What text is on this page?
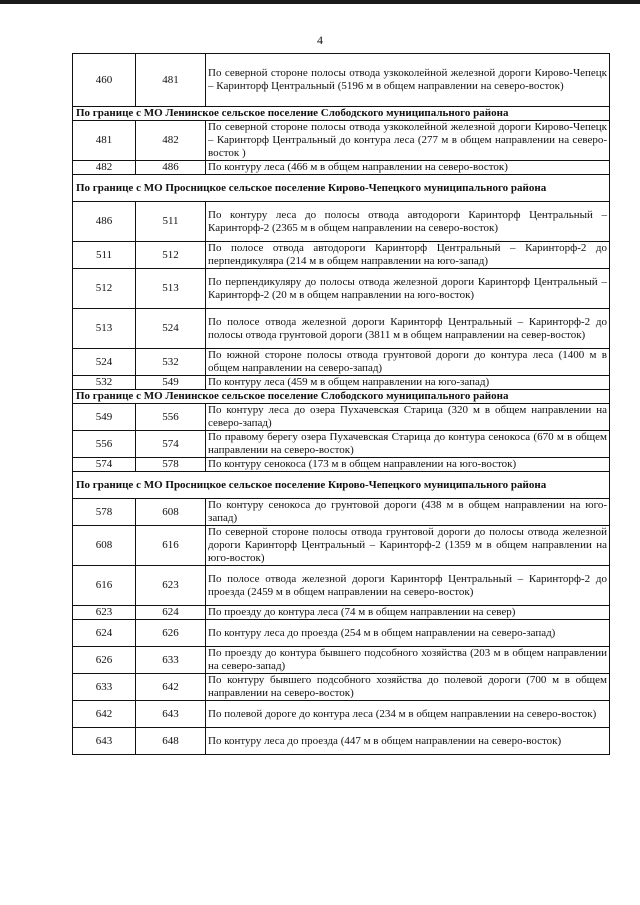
4
460	481	По северной стороне полосы отвода узкоколейной железной дороги Кирово-Чепецк – Каринторф Центральный (5196 м в общем направлении на северо-восток)
По границе с МО Ленинское сельское поселение Слободского муниципального района		
481	482	По северной стороне полосы отвода узкоколейной железной дороги Кирово-Чепецк – Каринторф Центральный до контура леса (277 м в общем направлении на северо-восток )
482	486	По контуру леса (466 м в общем направлении на северо-восток)
По границе с МО Просницкое сельское поселение Кирово-Чепецкого муниципального района		
486	511	По контуру леса до полосы отвода автодороги Каринторф Центральный – Каринторф-2 (2365 м в общем направлении на северо-восток)
511	512	По полосе отвода автодороги Каринторф Центральный – Каринторф-2 до перпендикуляра (214 м в общем направлении на юго-запад)
512	513	По перпендикуляру до полосы отвода железной дороги Каринторф Центральный – Каринторф-2 (20 м в общем направлении на юго-восток)
513	524	По полосе отвода железной дороги Каринторф Центральный – Каринторф-2 до полосы отвода грунтовой дороги (3811 м в общем направлении на север-восток)
524	532	По южной стороне полосы отвода грунтовой дороги до контура леса (1400 м в общем направлении на северо-запад)
532	549	По контуру леса (459 м в общем направлении на юго-запад)
По границе с МО Ленинское сельское поселение Слободского муниципального района		
549	556	По контуру леса до озера Пухачевская Старица (320 м в общем направлении на северо-запад)
556	574	По правому берегу озера Пухачевская Старица до контура сенокоса (670 м в общем направлении на северо-восток)
574	578	По контуру сенокоса (173 м в общем направлении на юго-восток)
По границе с МО Просницкое сельское поселение Кирово-Чепецкого муниципального района		
578	608	По контуру сенокоса до грунтовой дороги (438 м в общем направлении на юго-запад)
608	616	По северной стороне полосы отвода грунтовой дороги до полосы отвода железной дороги Каринторф Центральный – Каринторф-2 (1359 м в общем направлении на юго-восток)
616	623	По полосе отвода железной дороги Каринторф Центральный – Каринторф-2 до проезда (2459 м в общем направлении на северо-восток)
623	624	По проезду до контура леса (74 м в общем направлении на север)
624	626	По контуру леса до проезда (254 м в общем направлении на северо-запад)
626	633	По проезду до контура бывшего подсобного хозяйства (203 м в общем направлении на северо-запад)
633	642	По контуру бывшего подсобного хозяйства до полевой дороги (700 м в общем направлении на северо-восток)
642	643	По полевой дороге до контура леса (234 м в общем направлении на северо-восток)
643	648	По контуру леса до проезда (447 м в общем направлении на северо-восток)
